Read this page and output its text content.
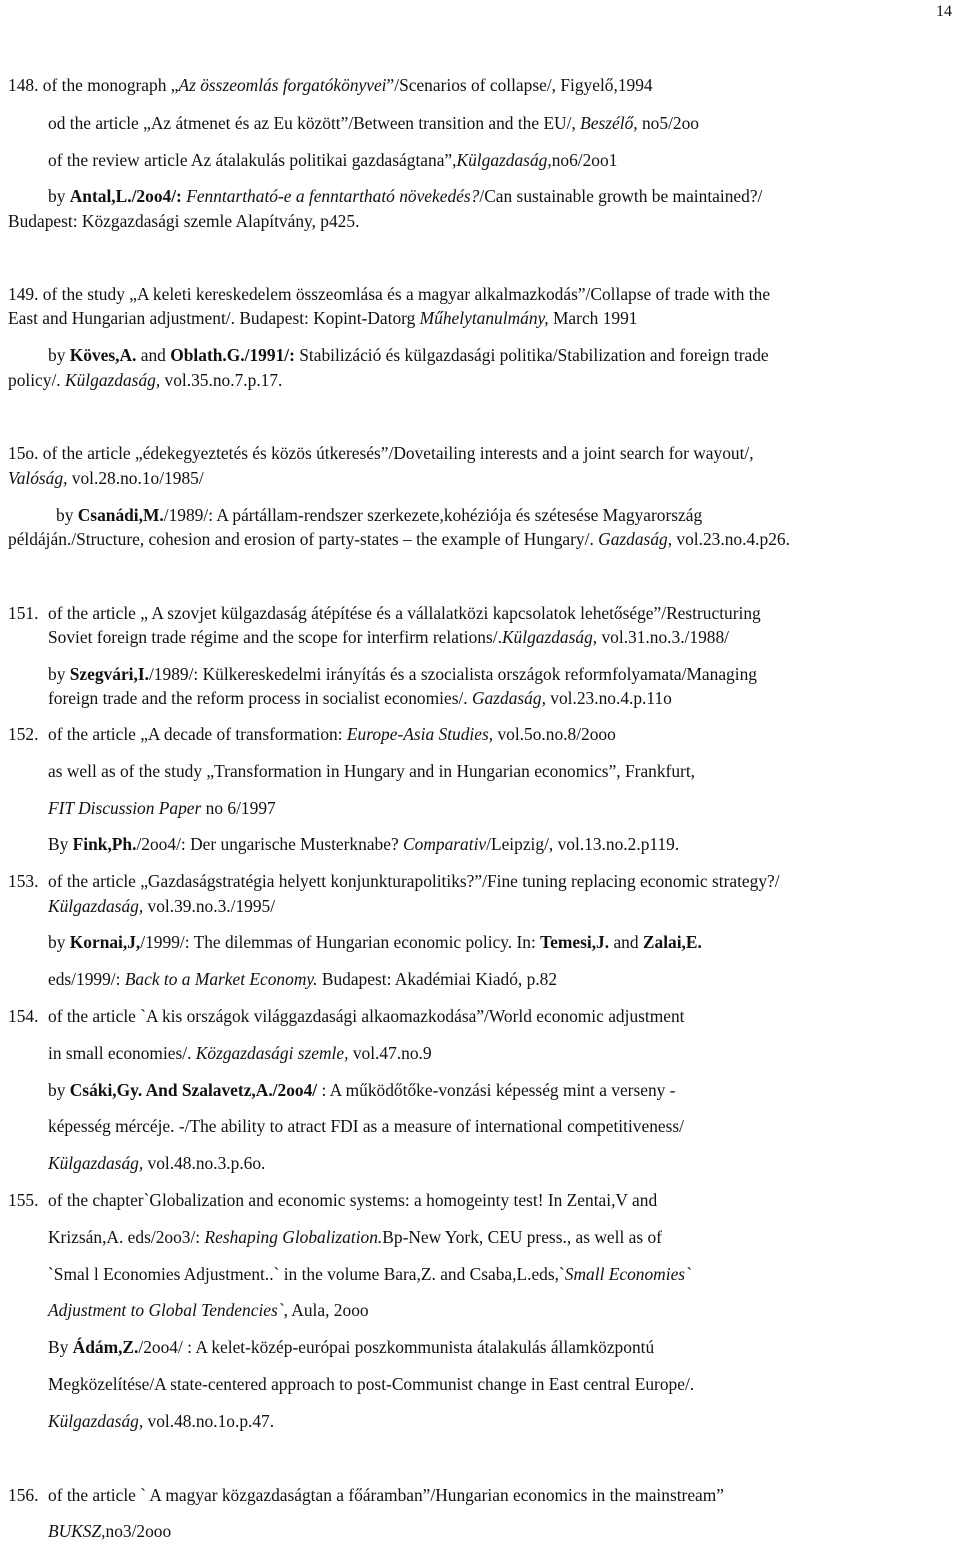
14
148. of the monograph „Az összeomlás forgatókönyvei”/Scenarios of collapse/, Figyelő,1994
od the article „Az átmenet és az Eu között”/Between transition and the EU/, Beszélő, no5/2oo
of the review article Az átalakulás politikai gazdaságtana”,Külgazdaság,no6/2oo1
by Antal,L./2oo4/: Fenntartható-e a fenntartható növekedés?/Can sustainable growth be maintained?/
Budapest: Közgazdasági szemle Alapítvány, p425.
149. of the study „A keleti kereskedelem összeomlása és a magyar alkalmazkodás”/Collapse of trade with the
East and Hungarian adjustment/. Budapest: Kopint-Datorg Műhelytanulmány, March 1991
by Köves,A. and Oblath.G./1991/: Stabilizáció és külgazdasági politika/Stabilization and foreign trade
policy/. Külgazdaság, vol.35.no.7.p.17.
15o. of the article „édekegyeztetés és közös útkeresés”/Dovetailing interests and a joint search for wayout/,
Valóság, vol.28.no.1o/1985/
by Csanádi,M./1989/: A pártállam-rendszer szerkezete,kohéziója és szétesése Magyarország
példáján./Structure, cohesion and erosion of party-states – the example of Hungary/. Gazdaság, vol.23.no.4.p26.
151. of the article „ A szovjet külgazdaság átépítése és a vállalatközi kapcsolatok lehetősége”/Restructuring
Soviet foreign trade régime and the scope for interfirm relations/.Külgazdaság, vol.31.no.3./1988/
by Szegvári,I./1989/: Külkereskedelmi irányítás és a szocialista országok reformfolyamata/Managing
foreign trade and the reform process in socialist economies/. Gazdaság, vol.23.no.4.p.11o
152. of the article „A decade of transformation: Europe-Asia Studies, vol.5o.no.8/2ooo
as well as of the study „Transformation in Hungary and in Hungarian economics”, Frankfurt,
FIT Discussion Paper no 6/1997
By Fink,Ph./2oo4/: Der ungarische Musterknabe? Comparativ/Leipzig/, vol.13.no.2.p119.
153. of the article „Gazdaságstratégia helyett konjunkturapolitiks?”/Fine tuning replacing economic strategy?/
Külgazdaság, vol.39.no.3./1995/
by Kornai,J,/1999/: The dilemmas of Hungarian economic policy. In: Temesi,J. and Zalai,E.
eds/1999/: Back to a Market Economy. Budapest: Akadémiai Kiadó, p.82
154. of the article `A kis országok világgazdasági alkaomazkodása”/World economic adjustment
in small economies/. Közgazdasági szemle, vol.47.no.9
by Csáki,Gy. And Szalavetz,A./2oo4/ : A működőtőke-vonzási képesség mint a verseny -
képesség mércéje. -/The ability to atract FDI as a measure of international competitiveness/
Külgazdaság, vol.48.no.3.p.6o.
155. of the chapter`Globalization and economic systems: a homogeinty test! In Zentai,V and
Krizsán,A. eds/2oo3/: Reshaping Globalization.Bp-New York, CEU press., as well as of
`Smal l Economies Adjustment..` in the volume Bara,Z. and Csaba,L.eds,`Small Economies`
Adjustment to Global Tendencies`, Aula, 2ooo
By Ádám,Z./2oo4/ : A kelet-közép-európai poszkommunista átalakulás államközpontú
Megközelítése/A state-centered approach to post-Communist change in East central Europe/.
Külgazdaság, vol.48.no.1o.p.47.
156. of the article ` A magyar közgazdaságtan a főáramban”/Hungarian economics in the mainstream”
BUKSZ,no3/2ooo
